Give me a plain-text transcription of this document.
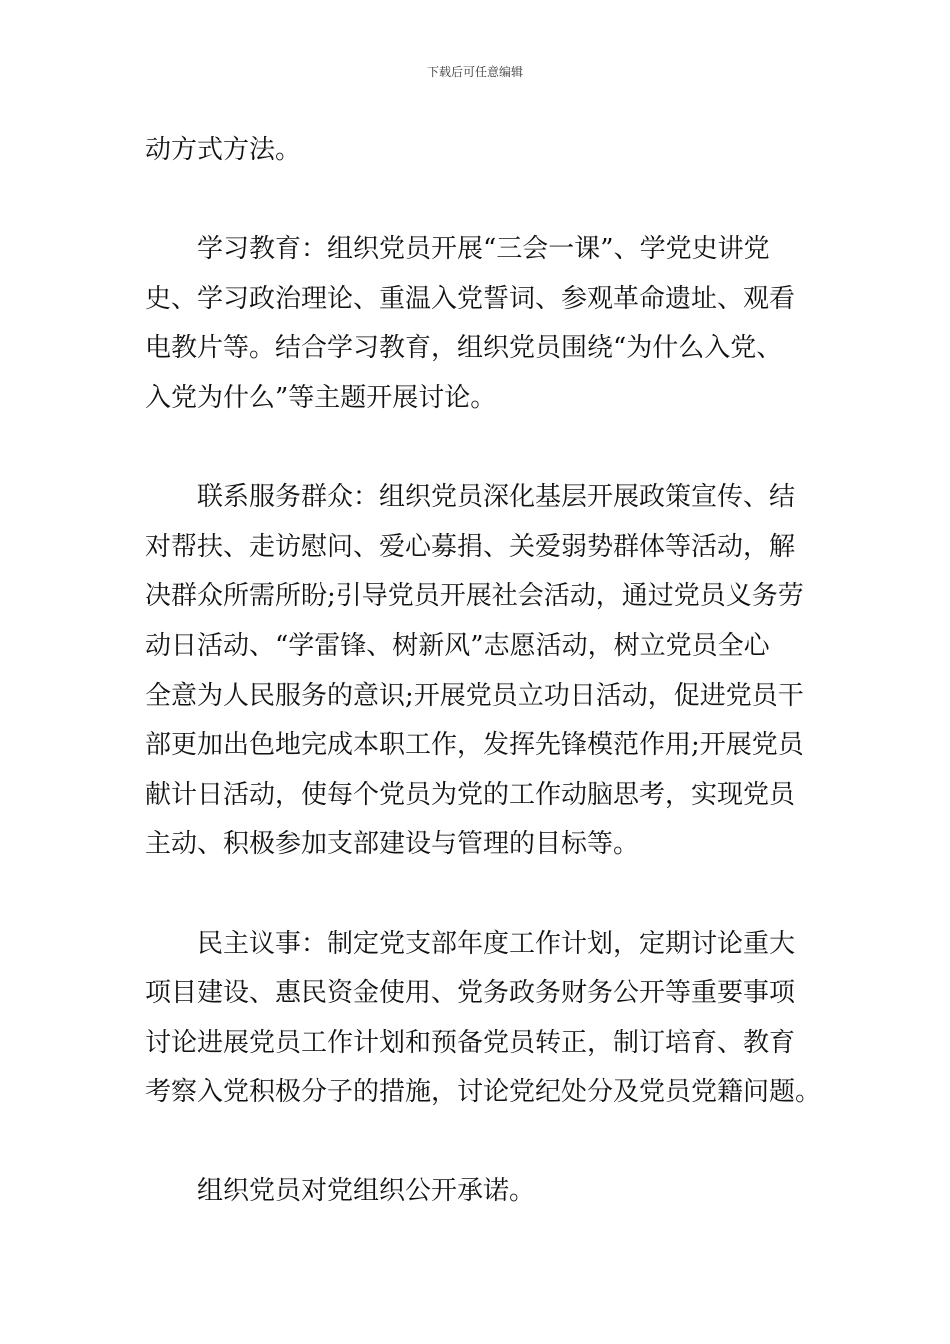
下载后可任意编辑
动方式方法。
学习教育：组织党员开展“三会一课”、学党史讲党
史、学习政治理论、重温入党誓词、参观革命遗址、观看
电教片等。结合学习教育，组织党员围绕“为什么入党、
入党为什么”等主题开展讨论。
联系服务群众：组织党员深化基层开展政策宣传、结
对帮扶、走访慰问、爱心募捐、关爱弱势群体等活动，解
决群众所需所盼;引导党员开展社会活动，通过党员义务劳
动日活动、“学雷锋、树新风”志愿活动，树立党员全心
全意为人民服务的意识;开展党员立功日活动，促进党员干
部更加出色地完成本职工作，发挥先锋模范作用;开展党员
献计日活动，使每个党员为党的工作动脑思考，实现党员
主动、积极参加支部建设与管理的目标等。
民主议事：制定党支部年度工作计划，定期讨论重大
项目建设、惠民资金使用、党务政务财务公开等重要事项
讨论进展党员工作计划和预备党员转正，制订培育、教育
考察入党积极分子的措施，讨论党纪处分及党员党籍问题。
组织党员对党组织公开承诺。
